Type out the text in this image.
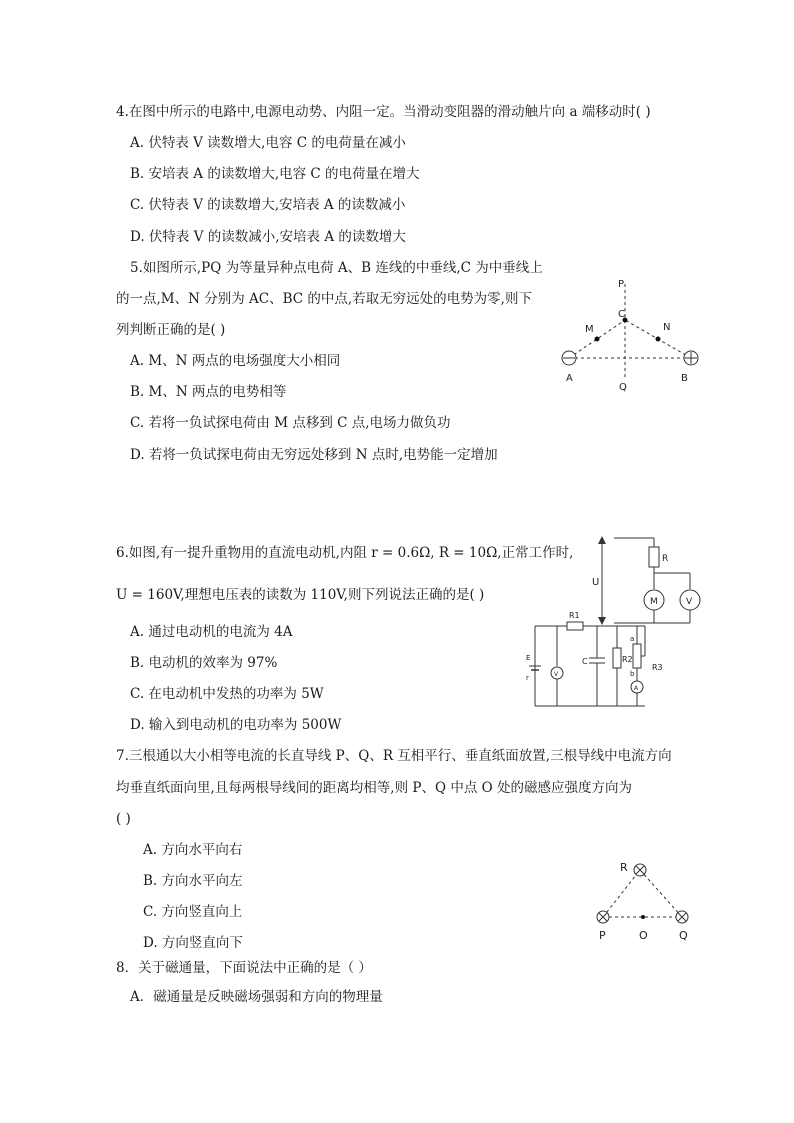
4.在图中所示的电路中,电源电动势、内阻一定。当滑动变阻器的滑动触片向 a 端移动时( )
A. 伏特表 V 读数增大,电容 C 的电荷量在减小
B. 安培表 A 的读数增大,电容 C 的电荷量在增大
C. 伏特表 V 的读数增大,安培表 A 的读数减小
D. 伏特表 V 的读数减小,安培表 A 的读数增大
5.如图所示,PQ 为等量异种点电荷 A、B 连线的中垂线,C 为中垂线上
的一点,M、N 分别为 AC、BC 的中点,若取无穷远处的电势为零,则下
列判断正确的是( )
A. M、N 两点的电场强度大小相同
B. M、N 两点的电势相等
C. 若将一负试探电荷由 M 点移到 C 点,电场力做负功
D. 若将一负试探电荷由无穷远处移到 N 点时,电势能一定增加
6.如图,有一提升重物用的直流电动机,内阻 r = 0.6Ω, R = 10Ω,正常工作时,
U = 160V,理想电压表的读数为 110V,则下列说法正确的是( )
A. 通过电动机的电流为 4A
B. 电动机的效率为 97%
C. 在电动机中发热的功率为 5W
D. 输入到电动机的电功率为 500W
7.三根通以大小相等电流的长直导线 P、Q、R 互相平行、垂直纸面放置,三根导线中电流方向
均垂直纸面向里,且每两根导线间的距离均相等,则 P、Q 中点 O 处的磁感应强度方向为
( )
A. 方向水平向右
B. 方向水平向左
C. 方向竖直向上
D. 方向竖直向下
8．关于磁通量，下面说法中正确的是（ ）
A．磁通量是反映磁场强弱和方向的物理量
P
C
M	N
A
Q
B
U
R
M	V
R1
E
r	V
C	R2
a
b
R3
A
R
P	O	Q
